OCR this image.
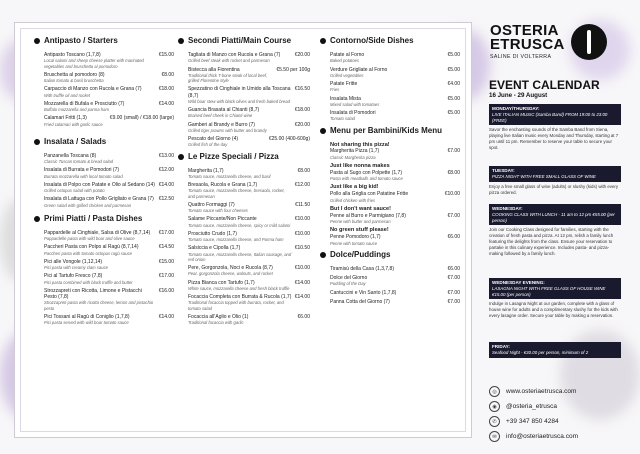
Antipasto / Starters
Antipasto Toscano (1,7,8)
Local salami and sheep cheese platter with marinated vegetables and bruschetta al pomodoro
€15.00
Bruschetta al pomodoro (8)
Italian tomato & basil bruschetta
€8.00
Carpaccio di Manzo con Rucola e Grana (7)
With truffle oil and rocket
€18.00
Mozzarella di Bufala e Prosciutto (7)
Buffalo mozzarella and parma ham
€14.00
Calamari Fritti (1,3)
Fried calamari with garlic sauce
€9.00 (small) / €18.00 (large)
Insalata / Salads
Panzanella Toscana (8)
Classic Tuscan tomato & bread salad
€13.00
Insalata di Burrata e Pomodori (7)
Burrata mozzarella with local tomato salad
€12.00
Insalata di Polpo con Patate e Olio al Sedano (14)
Grilled octopus salad with potato
€14.00
Insalata di Lattuga con Pollo Grigliato e Grana (7)
Green salad with grilled chicken and parmesan
€12.50
Primi Piatti / Pasta Dishes
Pappardelle al Cinghiale, Salsa di Olive (8,7,14)
Pappardelle pasta with wild boar and olive sauce
€17.00
Paccheri Pasta con Polpo al Ragù (8,7,14)
Paccheri pasta with tomato octopus ragù sauce
€14.50
Pici alle Vongole (1,12,14)
Pici pasta with creamy clam sauce
€15.00
Pici al Tartufo Fresco (7,8)
Pici pasta combined with black truffle and butter
€17.00
Strozzapreti con Ricotta, Limone e Pistacchi Pesto (7,8)
Strozzapreti pasta with ricotta cheese, lemon and pistachio pesto
€16.00
Pici Tossani al Ragù di Coniglio (1,7,8)
Pici pasta served with wild boar tomato sauce
€14.00
Secondi Piatti/Main Course
Tagliata di Manzo con Rucola e Grana (7)
Grilled beef steak with rocket and parmesan
€20.00
Bistecca alla Fiorentina
Traditional thick T-bone steak of local beef, grilled Florentine style
€5.50 per 100g
Spezzatino di Cinghiale in Umido alla Toscana (8,7)
Wild boar stew with black olives and fresh baked bread
€16.50
Guancia Brasata al Chianti (8,7)
Braised beef cheek in Chianti wine
€18.00
Gamberi al Brandy e Burro (7)
Grilled tiger prawns with butter and brandy
€20.00
Pescato del Giorno (4)
Grilled fish of the day
€25.00 (400-600g)
Le Pizze Speciali / Pizza
Margherita (1,7)
Tomato sauce, mozzarella cheese, and basil
€8.00
Bresaola, Rucola e Grana (1,7)
Tomato sauce, mozzarella cheese, bresaola, rocket, and parmesan
€12.00
Quattro Formaggi (7)
Tomato sauce with four cheeses
€11.50
Salame Piccante/Non Piccante
Tomato sauce, mozzarella cheese, spicy or mild salami
€10.00
Prosciutto Crudo (1,7)
Tomato sauce, mozzarella cheese, and Parma ham
€10.00
Salsiccia e Cipolla (1,7)
Tomato sauce, mozzarella cheese, Italian sausage, and red onion
€10.50
Pere, Gorgonzola, Noci e Rucola (8,7)
Pear, gorgonzola cheese, walnuts, and rocket
€10.00
Pizza Bianca con Tartufo (1,7)
White sauce, mozzarella cheese and fresh black truffle
€14.00
Focaccia Completa con Burrata & Rucola (1,7)
Traditional focaccia topped with burrata, rocket, and tomato salad
€14.00
Focaccia all'Aglio e Olio (1)
Traditional focaccia with garlic
€6.00
Contorno/Side Dishes
Patate al Forno
Baked potatoes
€5.00
Verdure Grigliate al Forno
Grilled vegetables
€5.00
Patate Fritte
Fries
€4.00
Insalata Mista
Mixed salad with tomatoes
€5.00
Insalata di Pomodori
Tomato salad
€5.00
Menu per Bambini/Kids Menu
Not sharing this pizza!
Margherita Pizza (1,7)
Classic Margherita pizza
€7.00
Just like nonna makes
Pasta al Sugo con Polpette (1,7)
Pasta with meatballs and tomato sauce
€8.00
Just like a big kid!
Pollo alla Griglia con Patatine Fritte
Grilled chicken with fries
€10.00
But I don't want sauce!
Penne al Burro e Parmigiano (7,8)
Penne with butter and parmesan
€7.00
No green stuff please!
Penne Pomodoro (1,7)
Penne with tomato sauce
€6.00
Dolce/Puddings
Tiramisù della Casa (1,3,7,8)	€6.00
Dolce del Giorno
Pudding of the Day
€7.00
Cantuccini e Vin Santo (1,7,8)	€7.00
Panna Cotta del Giorno (7)	€7.00
OSTERIA
ETRUSCA
SALINE DI VOLTERRA
EVENT CALENDAR
16 June - 29 August
MONDAY/THURSDAY:
LIVE ITALIAN MUSIC (Samba Band) FROM 19:00 to 23:00 (FREE)
Savor the enchanting sounds of the Samba Band from Siena, playing live Italian music every Monday and Thursday, starting at 7 pm until 11 pm. Remember to reserve your table to secure your spot.
TUESDAY:
PIZZA NIGHT WITH FREE SMALL GLASS OF WINE
Enjoy a free small glass of wine (adults) or slushy (kids) with every pizza ordered.
WEDNESDAY:
COOKING CLASS WITH LUNCH - 11 am to 12 pm €55.00 (per person)
Join our Cooking Class designed for families, starting with the creation of fresh pasta and pizza. At 12 pm, relish a family lunch featuring the delights from the class. Ensure your reservation to partake in this culinary experience. Includes pasta- and pizza-making followed by a family lunch.
WEDNESDAY EVENING:
LASAGNA NIGHT WITH FREE GLASS OF HOUSE WINE €15.00 (per person)
Indulge in Lasagna Night at our garden, complete with a glass of house wine for adults and a complimentary slushy for the kids with every lasagne order. Secure your table by making a reservation.
FRIDAY:
Seafood Night - €30.00 per person, minimum of 2
◎	www.osteriaetrusca.com
◉	@osteria_etrusca
✆	+39 347 850 4284
✉	info@osteriaetrusca.com
